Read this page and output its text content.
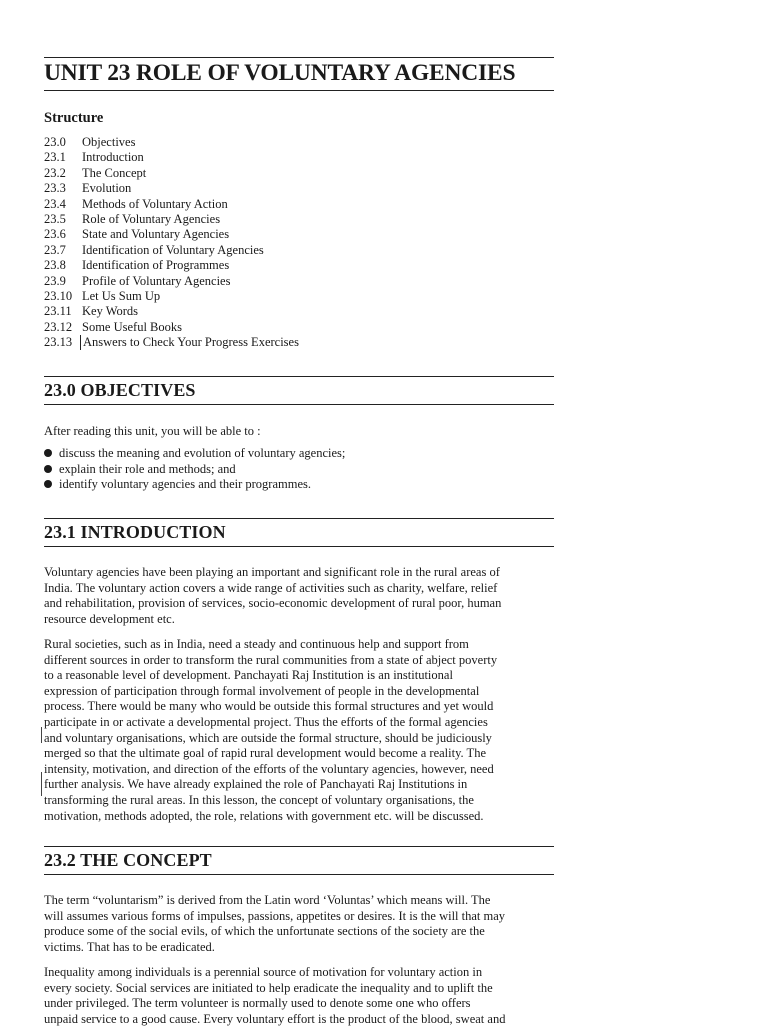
UNIT 23 ROLE OF VOLUNTARY AGENCIES
Structure
23.0 Objectives
23.1 Introduction
23.2 The Concept
23.3 Evolution
23.4 Methods of Voluntary Action
23.5 Role of Voluntary Agencies
23.6 State and Voluntary Agencies
23.7 Identification of Voluntary Agencies
23.8 Identification of Programmes
23.9 Profile of Voluntary Agencies
23.10 Let Us Sum Up
23.11 Key Words
23.12 Some Useful Books
23.13 Answers to Check Your Progress Exercises
23.0 OBJECTIVES

After reading this unit, you will be able to :

discuss the meaning and evolution of voluntary agencies;
explain their role and methods; and
identify voluntary agencies and their programmes.
23.1 INTRODUCTION

Voluntary agencies have been playing an important and significant role in the rural areas of
India. The voluntary action covers a wide range of activities such as charity, welfare, relief
and rehabilitation, provision of services, socio-economic development of rural poor, human
resource development etc.

Rural societies, such as in India, need a steady and continuous help and support from
different sources in order to transform the rural communities from a state of abject poverty
to a reasonable level of development. Panchayati Raj Institution is an institutional
expression of participation through formal involvement of people in the developmental
process. There would be many who would be outside this formal structures and yet would
participate in or activate a developmental project. Thus the efforts of the formal agencies
and voluntary organisations, which are outside the formal structure, should be judiciously
merged so that the ultimate goal of rapid rural development would become a reality. The
intensity, motivation, and direction of the efforts of the voluntary agencies, however, need
further analysis. We have already explained the role of Panchayati Raj Institutions in
transforming the rural areas. In this lesson, the concept of voluntary organisations, the
motivation, methods adopted, the role, relations with government etc. will be discussed.

23.2 THE CONCEPT

The term “voluntarism” is derived from the Latin word ‘Voluntas’ which means will. The
will assumes various forms of impulses, passions, appetites or desires. It is the will that may
produce some of the social evils, of which the unfortunate sections of the society are the
victims. That has to be eradicated.

Inequality among individuals is a perennial source of motivation for voluntary action in
every society. Social services are initiated to help eradicate the inequality and to uplift the
under privileged. The term volunteer is normally used to denote some one who offers
unpaid service to a good cause. Every voluntary effort is the product of the blood, sweat and
